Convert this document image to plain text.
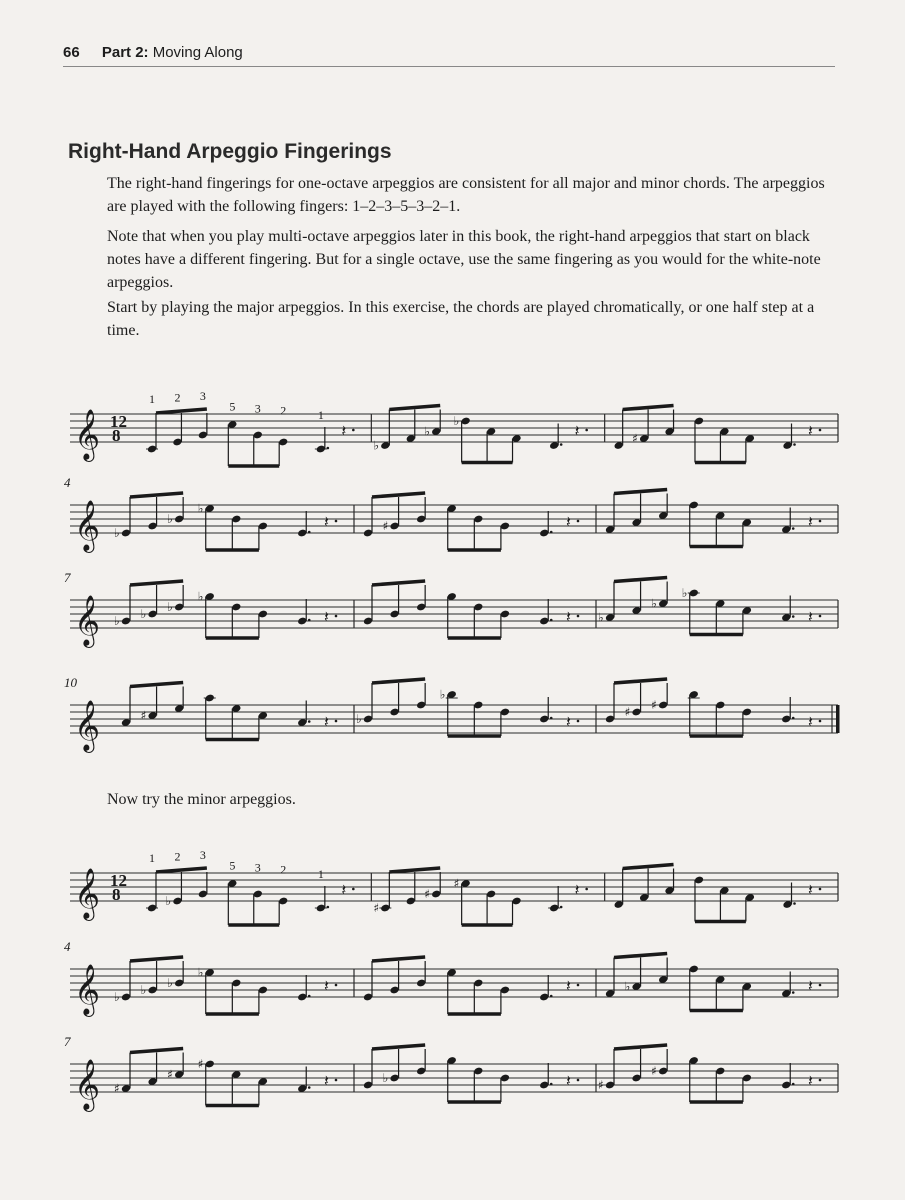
66 Part 2: Moving Along
Right-Hand Arpeggio Fingerings
The right-hand fingerings for one-octave arpeggios are consistent for all major and minor chords. The arpeggios are played with the following fingers: 1–2–3–5–3–2–1.
Note that when you play multi-octave arpeggios later in this book, the right-hand arpeggios that start on black notes have a different fingering. But for a single octave, use the same fingering as you would for the white-note arpeggios.
Start by playing the major arpeggios. In this exercise, the chords are played chromatically, or one half step at a time.
Now try the minor arpeggios.
𝄞 12
8	𝄽
1 2 3
5 3 2	1
♭
♭
♭	𝄽	♯	𝄽
𝄞
4
♭
♭
♭
𝄽	♯	𝄽	𝄽
𝄞
7
♭ ♭ ♭
♭
𝄽	𝄽 ♭
♭
♭
𝄽
𝄞
10
♯	𝄽 ♭
♭
𝄽	♯ ♯
𝄽
𝄞 12
8	♭
𝄽
1 2 3
5 3 2	1
♯
♯
♯	𝄽	𝄽
𝄞
4
♭ ♭ ♭
♭
𝄽	𝄽	♭	𝄽
𝄞
7
♯
♯
♯
𝄽	♭	𝄽 ♯
♯	𝄽
